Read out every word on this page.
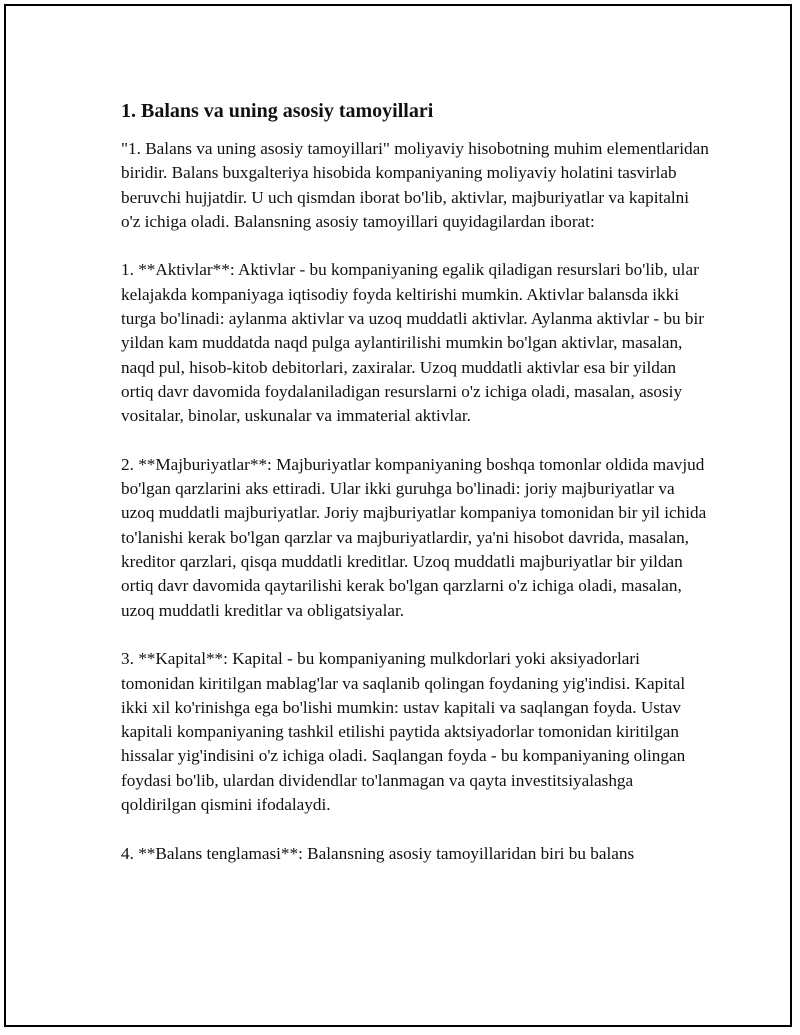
1. Balans va uning asosiy tamoyillari

"1. Balans va uning asosiy tamoyillari" moliyaviy hisobotning muhim elementlaridan biridir. Balans buxgalteriya hisobida kompaniyaning moliyaviy holatini tasvirlab beruvchi hujjatdir. U uch qismdan iborat bo'lib, aktivlar, majburiyatlar va kapitalni o'z ichiga oladi. Balansning asosiy tamoyillari quyidagilardan iborat:

1. **Aktivlar**: Aktivlar - bu kompaniyaning egalik qiladigan resurslari bo'lib, ular kelajakda kompaniyaga iqtisodiy foyda keltirishi mumkin. Aktivlar balansda ikki turga bo'linadi: aylanma aktivlar va uzoq muddatli aktivlar. Aylanma aktivlar - bu bir yildan kam muddatda naqd pulga aylantirilishi mumkin bo'lgan aktivlar, masalan, naqd pul, hisob-kitob debitorlari, zaxiralar. Uzoq muddatli aktivlar esa bir yildan ortiq davr davomida foydalaniladigan resurslarni o'z ichiga oladi, masalan, asosiy vositalar, binolar, uskunalar va immaterial aktivlar.

2. **Majburiyatlar**: Majburiyatlar kompaniyaning boshqa tomonlar oldida mavjud bo'lgan qarzlarini aks ettiradi. Ular ikki guruhga bo'linadi: joriy majburiyatlar va uzoq muddatli majburiyatlar. Joriy majburiyatlar kompaniya tomonidan bir yil ichida to'lanishi kerak bo'lgan qarzlar va majburiyatlardir, ya'ni hisobot davrida, masalan, kreditor qarzlari, qisqa muddatli kreditlar. Uzoq muddatli majburiyatlar bir yildan ortiq davr davomida qaytarilishi kerak bo'lgan qarzlarni o'z ichiga oladi, masalan, uzoq muddatli kreditlar va obligatsiyalar.

3. **Kapital**: Kapital - bu kompaniyaning mulkdorlari yoki aksiyadorlari tomonidan kiritilgan mablag'lar va saqlanib qolingan foydaning yig'indisi. Kapital ikki xil ko'rinishga ega bo'lishi mumkin: ustav kapitali va saqlangan foyda. Ustav kapitali kompaniyaning tashkil etilishi paytida aktsiyadorlar tomonidan kiritilgan hissalar yig'indisini o'z ichiga oladi. Saqlangan foyda - bu kompaniyaning olingan foydasi bo'lib, ulardan dividendlar to'lanmagan va qayta investitsiyalashga qoldirilgan qismini ifodalaydi.

4. **Balans tenglamasi**: Balansning asosiy tamoyillaridan biri bu balans
